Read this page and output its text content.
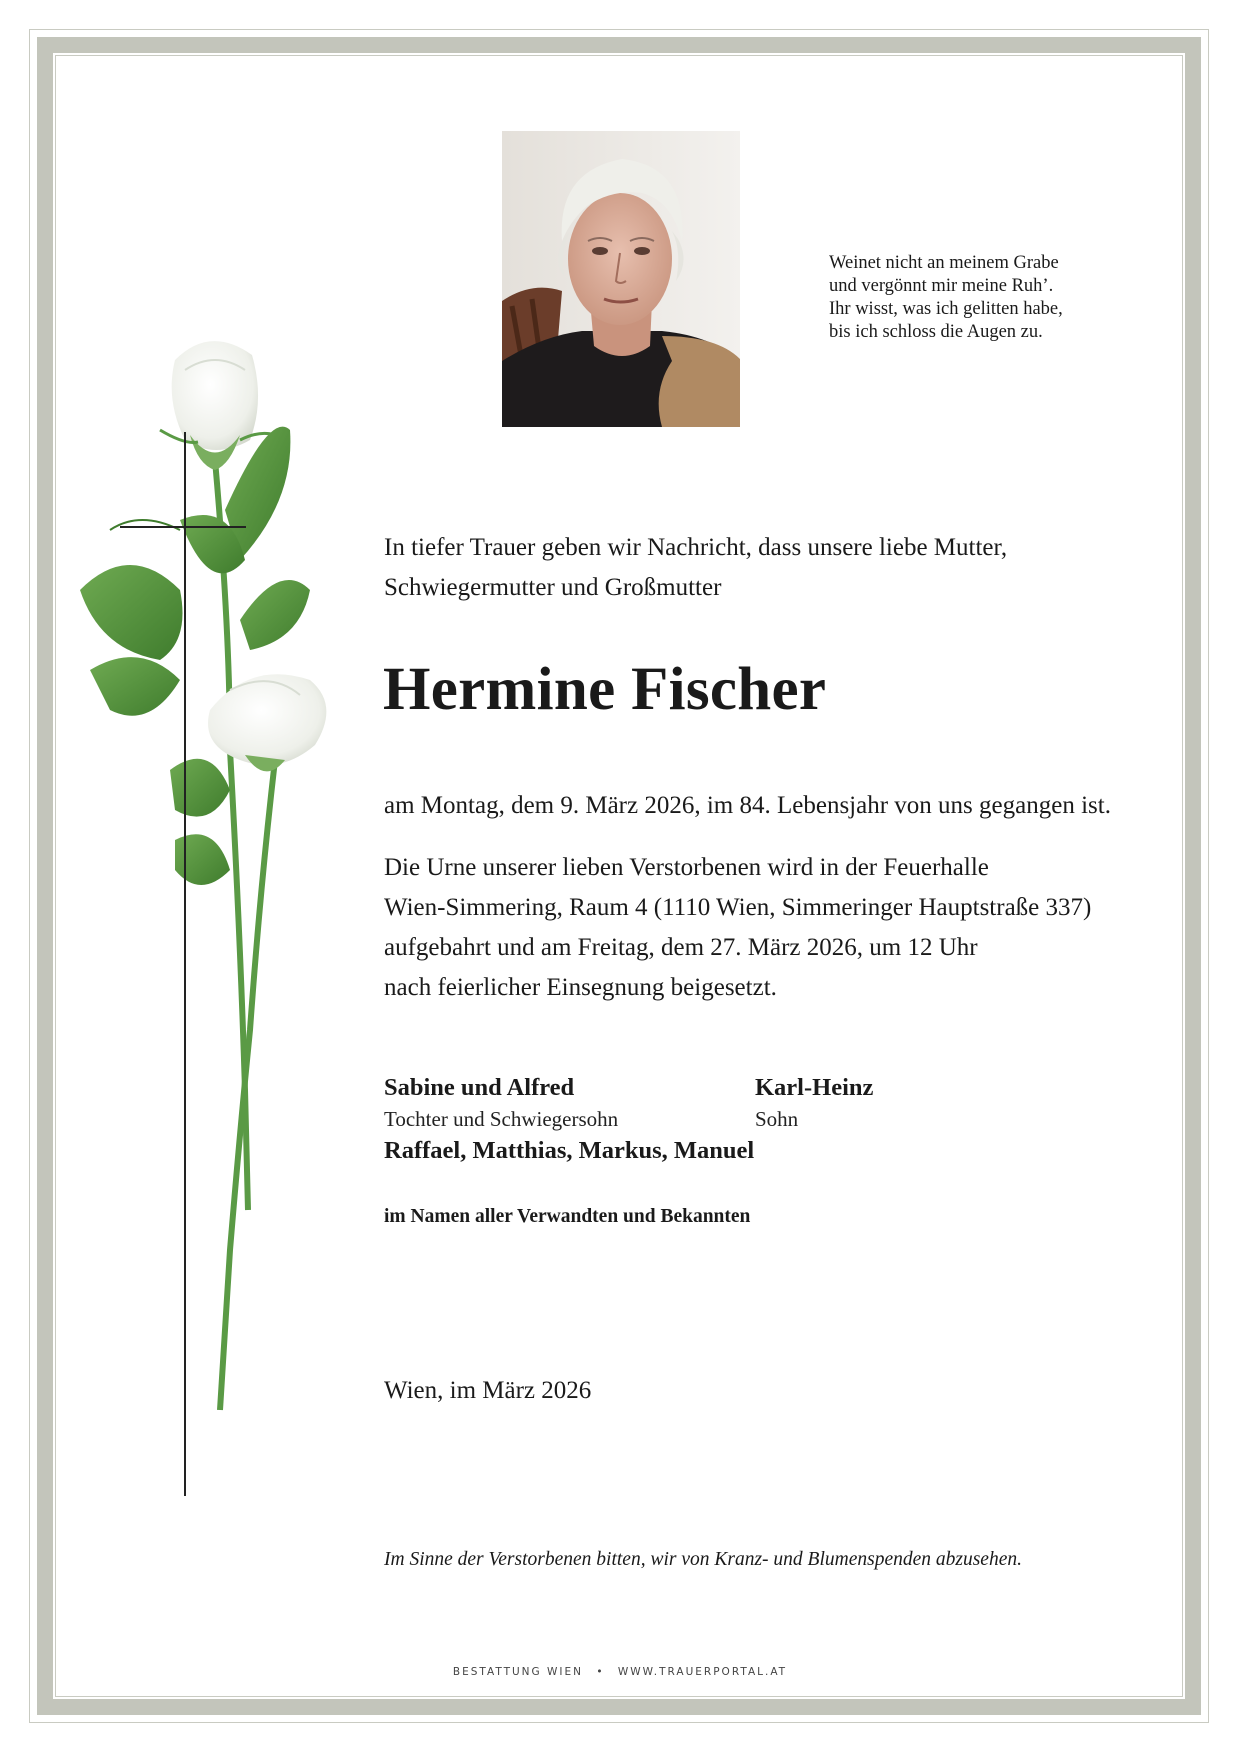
Weinet nicht an meinem Grabe
und vergönnt mir meine Ruh’.
Ihr wisst, was ich gelitten habe,
bis ich schloss die Augen zu.
In tiefer Trauer geben wir Nachricht, dass unsere liebe Mutter,
Schwiegermutter und Großmutter
Hermine Fischer
am Montag, dem 9. März 2026, im 84. Lebensjahr von uns gegangen ist.
Die Urne unserer lieben Verstorbenen wird in der Feuerhalle
Wien-Simmering, Raum 4 (1110 Wien, Simmeringer Hauptstraße 337)
aufgebahrt und am Freitag, dem 27. März 2026, um 12 Uhr
nach feierlicher Einsegnung beigesetzt.
Sabine und Alfred
Tochter und Schwiegersohn
Karl-Heinz
Sohn
Raffael, Matthias, Markus, Manuel
im Namen aller Verwandten und Bekannten
Wien, im März 2026
Im Sinne der Verstorbenen bitten, wir von Kranz- und Blumenspenden abzusehen.
BESTATTUNG WIEN • WWW.TRAUERPORTAL.AT
